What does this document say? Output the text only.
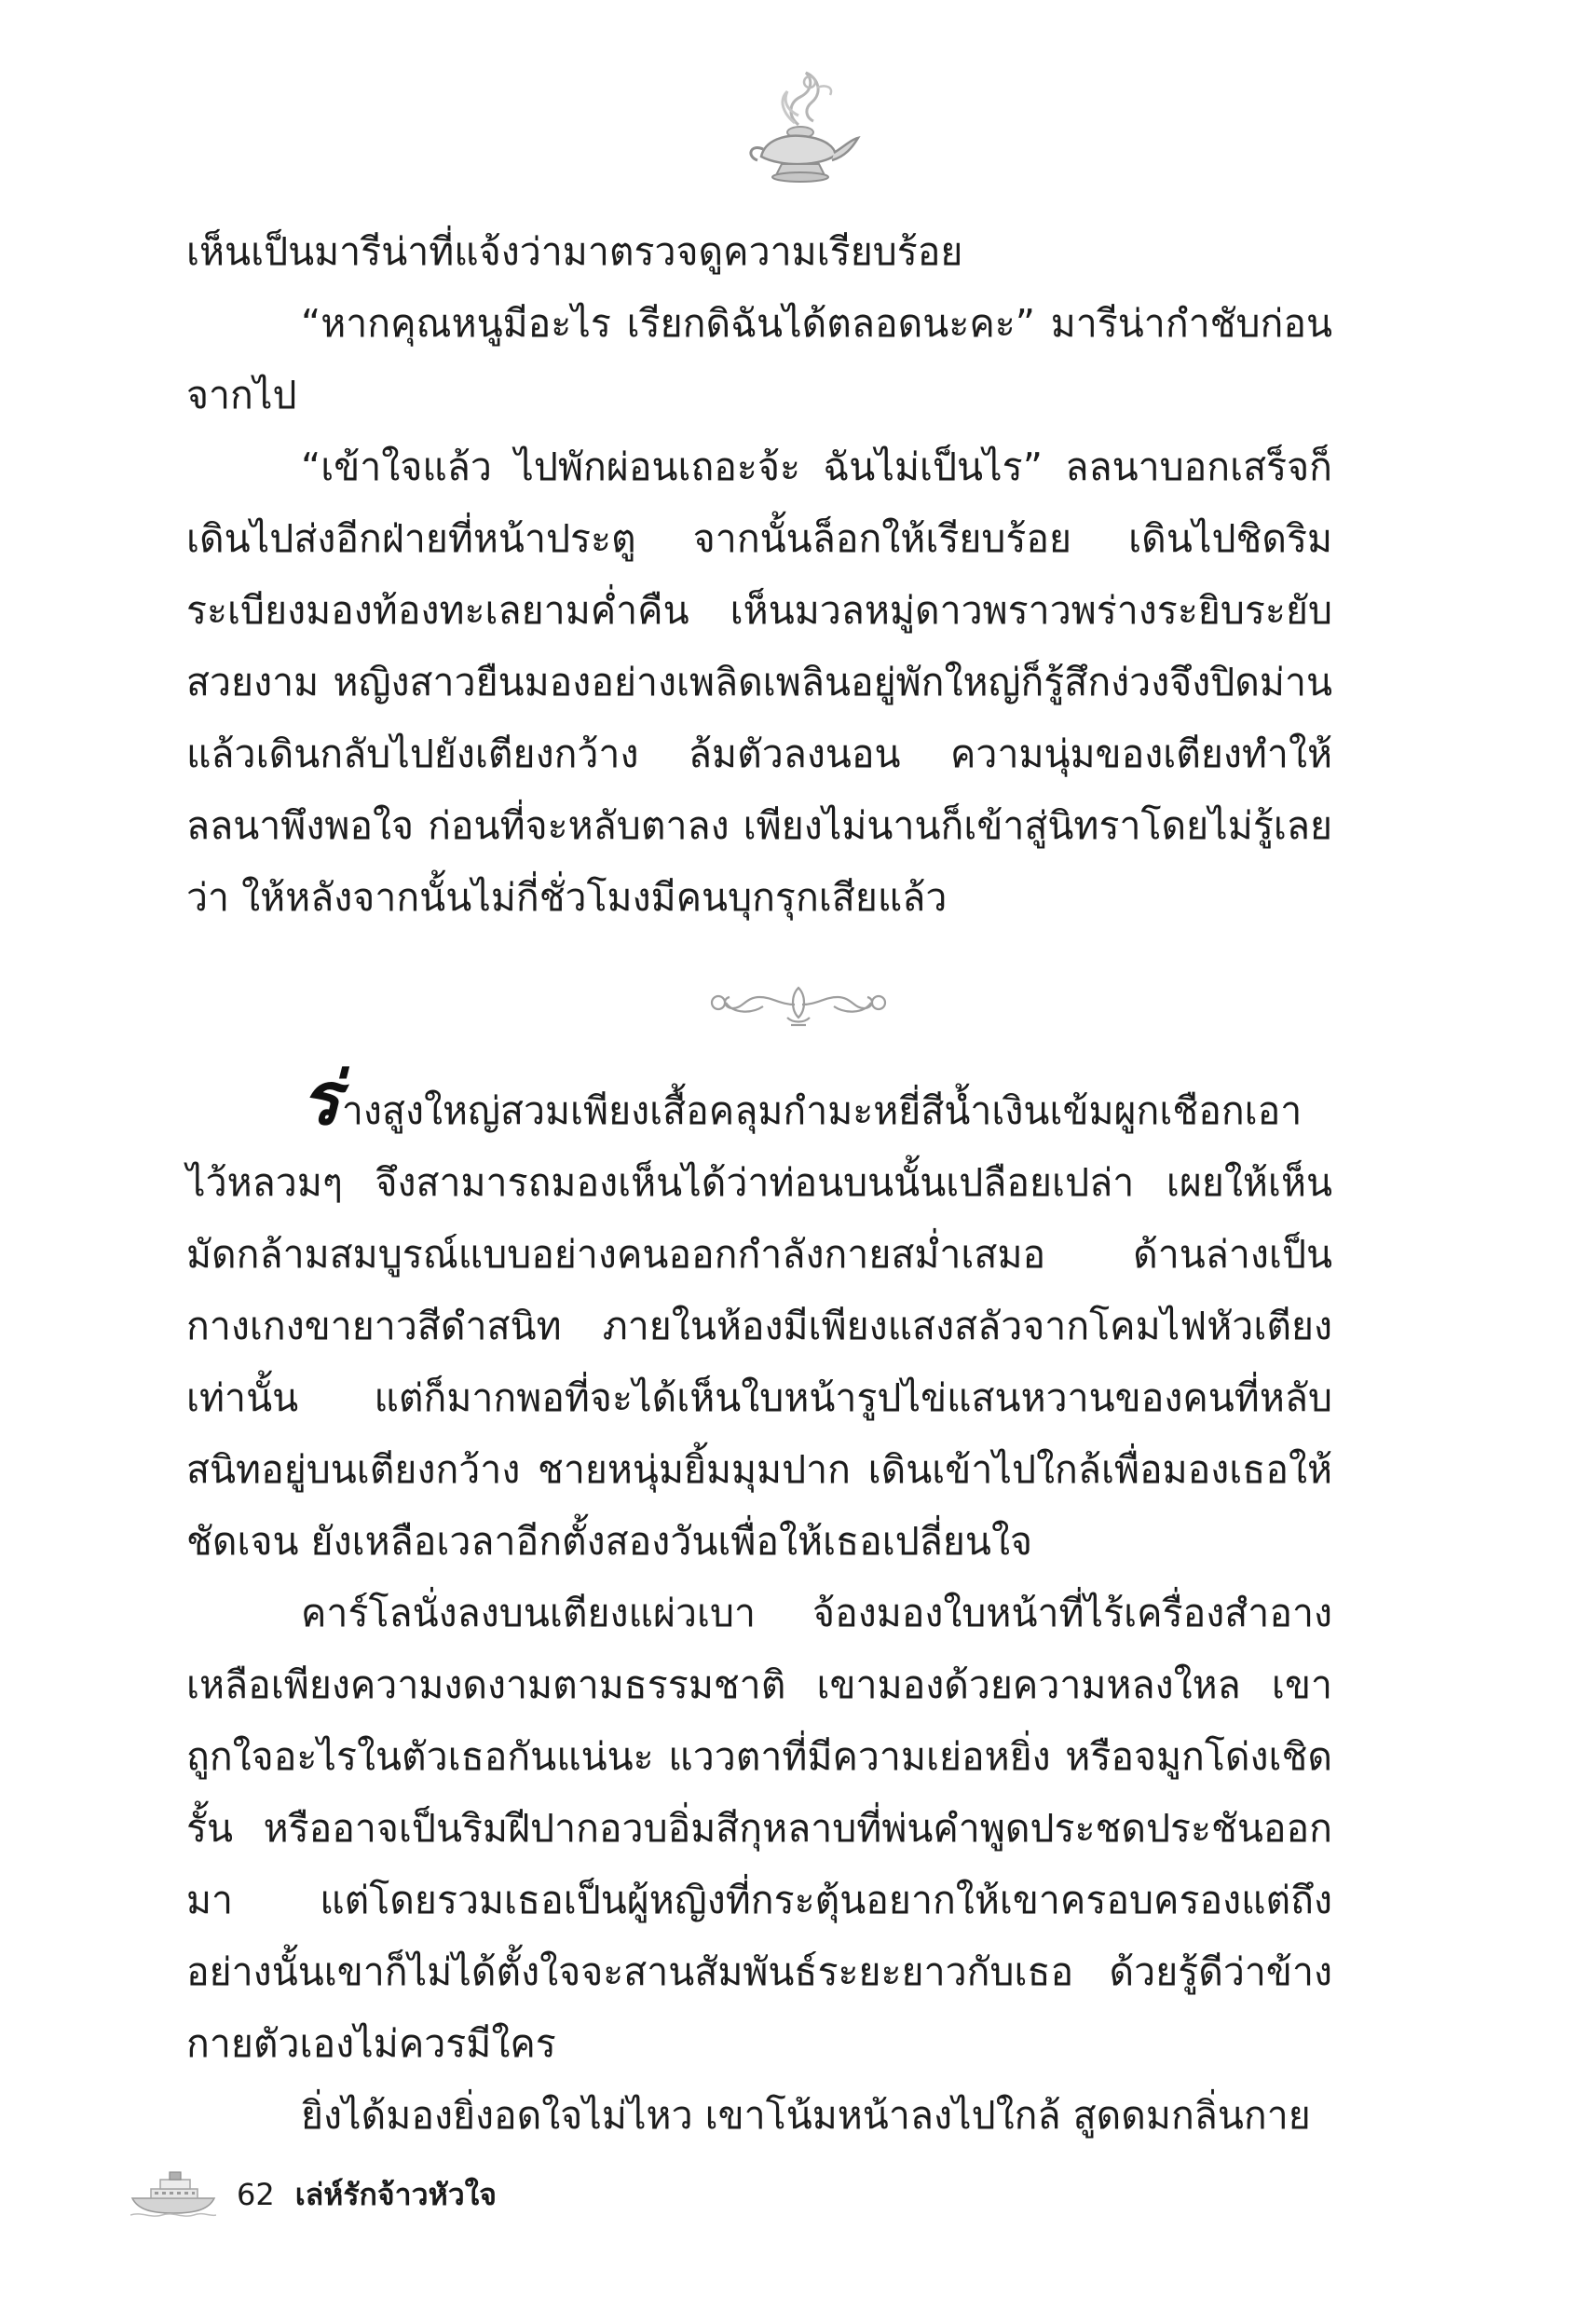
เห็นเป็นมารีน่าที่แจ้งว่ามาตรวจดูความเรียบร้อย

“หากคุณหนูมีอะไร เรียกดิฉันได้ตลอดนะคะ” มารีน่ากำชับก่อนจากไป

“เข้าใจแล้ว ไปพักผ่อนเถอะจ้ะ ฉันไม่เป็นไร” ลลนาบอกเสร็จก็เดินไปส่งอีกฝ่ายที่หน้าประตู จากนั้นล็อกให้เรียบร้อย เดินไปชิดริมระเบียงมองท้องทะเลยามค่ำคืน เห็นมวลหมู่ดาวพราวพร่างระยิบระยับสวยงาม หญิงสาวยืนมองอย่างเพลิดเพลินอยู่พักใหญ่ก็รู้สึกง่วงจึงปิดม่านแล้วเดินกลับไปยังเตียงกว้าง ล้มตัวลงนอน ความนุ่มของเตียงทำให้ลลนาพึงพอใจ ก่อนที่จะหลับตาลง เพียงไม่นานก็เข้าสู่นิทราโดยไม่รู้เลยว่า ให้หลังจากนั้นไม่กี่ชั่วโมงมีคนบุกรุกเสียแล้ว

ร่างสูงใหญ่สวมเพียงเสื้อคลุมกำมะหยี่สีน้ำเงินเข้มผูกเชือกเอาไว้หลวมๆ จึงสามารถมองเห็นได้ว่าท่อนบนนั้นเปลือยเปล่า เผยให้เห็นมัดกล้ามสมบูรณ์แบบอย่างคนออกกำลังกายสม่ำเสมอ ด้านล่างเป็นกางเกงขายาวสีดำสนิท ภายในห้องมีเพียงแสงสลัวจากโคมไฟหัวเตียงเท่านั้น แต่ก็มากพอที่จะได้เห็นใบหน้ารูปไข่แสนหวานของคนที่หลับสนิทอยู่บนเตียงกว้าง ชายหนุ่มยิ้มมุมปาก เดินเข้าไปใกล้เพื่อมองเธอให้ชัดเจน ยังเหลือเวลาอีกตั้งสองวันเพื่อให้เธอเปลี่ยนใจ

คาร์โลนั่งลงบนเตียงแผ่วเบา จ้องมองใบหน้าที่ไร้เครื่องสำอางเหลือเพียงความงดงามตามธรรมชาติ เขามองด้วยความหลงใหล เขาถูกใจอะไรในตัวเธอกันแน่นะ แววตาที่มีความเย่อหยิ่ง หรือจมูกโด่งเชิดรั้น หรืออาจเป็นริมฝีปากอวบอิ่มสีกุหลาบที่พ่นคำพูดประชดประชันออกมา แต่โดยรวมเธอเป็นผู้หญิงที่กระตุ้นอยากให้เขาครอบครองแต่ถึงอย่างนั้นเขาก็ไม่ได้ตั้งใจจะสานสัมพันธ์ระยะยาวกับเธอ ด้วยรู้ดีว่าข้างกายตัวเองไม่ควรมีใคร

ยิ่งได้มองยิ่งอดใจไม่ไหว เขาโน้มหน้าลงไปใกล้ สูดดมกลิ่นกาย

62 เล่ห์รักจ้าวหัวใจ
